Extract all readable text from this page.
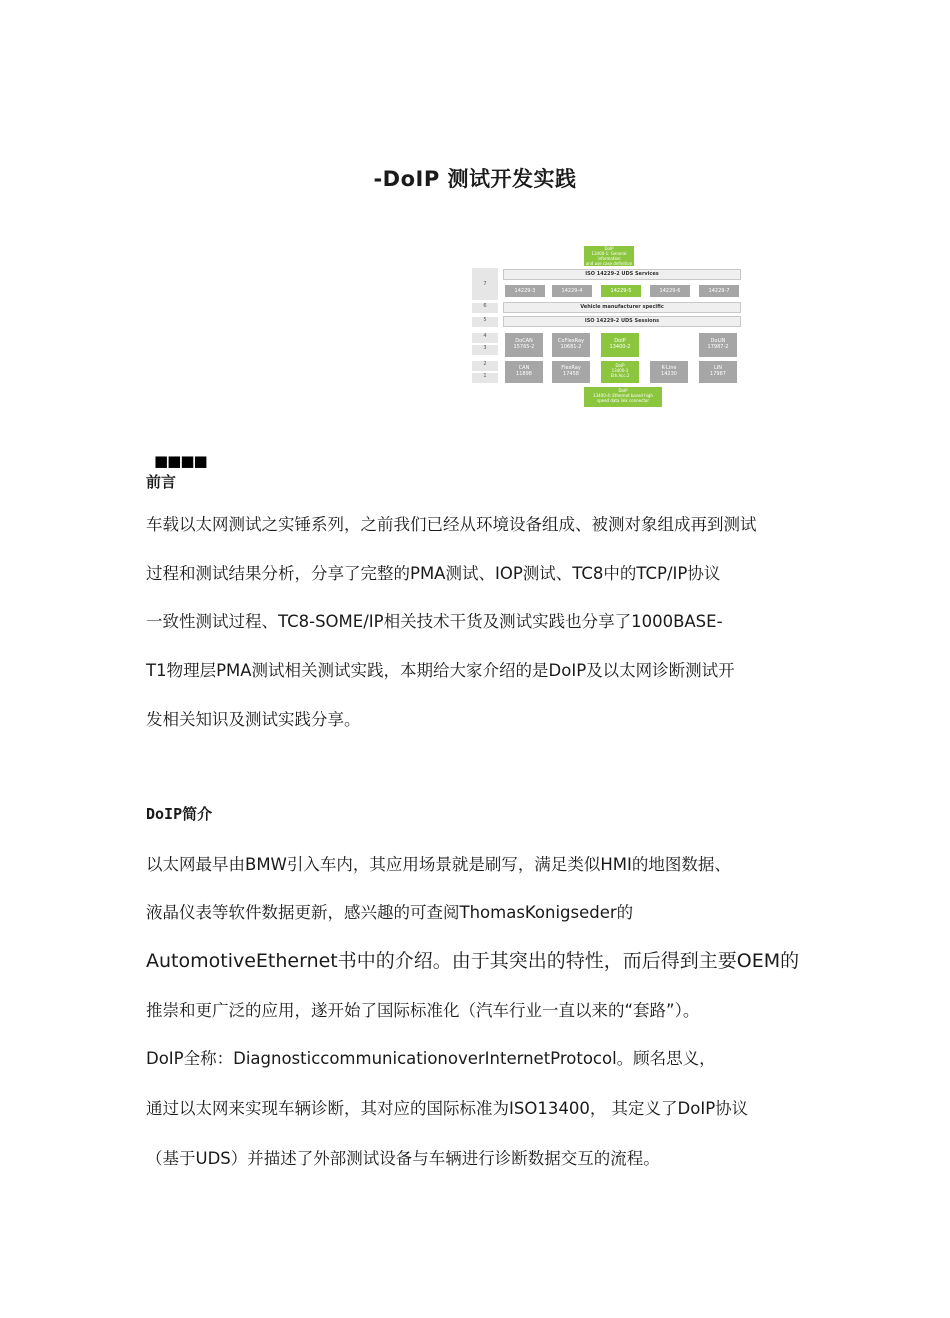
-DoIP 测试开发实践
7
6
5
4
3
2
1
DoIP
13400-1: General information
and use case definition
ISO 14229-2 UDS Services
14229-3	14229-4	14229-5	14229-6	14229-7
Vehicle manufacturer specific
ISO 14229-2 UDS Sessions
DoCAN
15765-2
CoFlexRay
10681-2
DoIP
13400-2
DoLIN
17987-2
CAN
11898
FlexRay
17458
DoIP
13400-3
Eth.Acc.2
K-Line
14230
LIN
17987
DoIP
13400-4: Ethernet based high
speed data link connector
■■■■
前言
车载以太网测试之实锤系列，之前我们已经从环境设备组成、被测对象组成再到测试
过程和测试结果分析，分享了完整的PMA测试、IOP测试、TC8中的TCP/IP协议
一致性测试过程、TC8-SOME/IP相关技术干货及测试实践也分享了1000BASE-
T1物理层PMA测试相关测试实践，本期给大家介绍的是DoIP及以太网诊断测试开
发相关知识及测试实践分享。
DoIP简介
以太网最早由BMW引入车内，其应用场景就是刷写，满足类似HMI的地图数据、
液晶仪表等软件数据更新，感兴趣的可查阅ThomasKonigseder的
AutomotiveEthernet书中的介绍。由于其突出的特性，而后得到主要OEM的
推崇和更广泛的应用，遂开始了国际标准化（汽车行业一直以来的“套路”）。
DoIP全称：DiagnosticcommunicationoverInternetProtocol。顾名思义，
通过以太网来实现车辆诊断，其对应的国际标准为ISO13400， 其定义了DoIP协议
（基于UDS）并描述了外部测试设备与车辆进行诊断数据交互的流程。
